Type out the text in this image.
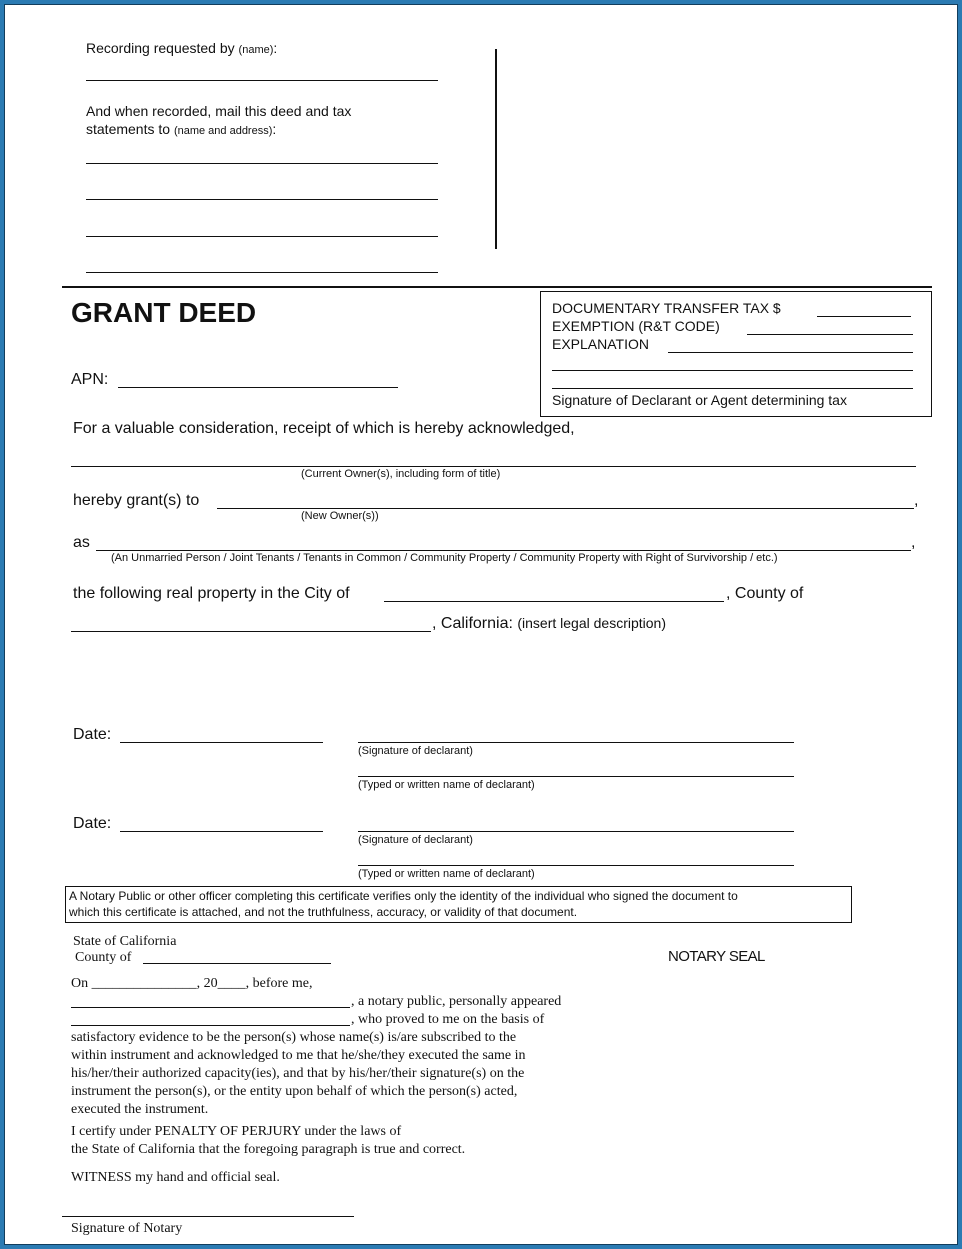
Recording requested by (name):
And when recorded, mail this deed and tax
statements to (name and address):
GRANT DEED
APN:
DOCUMENTARY TRANSFER TAX $
EXEMPTION (R&T CODE)
EXPLANATION
Signature of Declarant or Agent determining tax
For a valuable consideration, receipt of which is hereby acknowledged,
(Current Owner(s), including form of title)
hereby grant(s) to	,
(New Owner(s))
as	,
(An Unmarried Person / Joint Tenants / Tenants in Common / Community Property / Community Property with Right of Survivorship / etc.)
the following real property in the City of	, County of
, California: (insert legal description)
Date:
(Signature of declarant)
(Typed or written name of declarant)
Date:
(Signature of declarant)
(Typed or written name of declarant)
A Notary Public or other officer completing this certificate verifies only the identity of the individual who signed the document to
which this certificate is attached, and not the truthfulness, accuracy, or validity of that document.
State of California
County of	NOTARY SEAL
On _______________, 20____, before me,
, a notary public, personally appeared
, who proved to me on the basis of
satisfactory evidence to be the person(s) whose name(s) is/are subscribed to the
within instrument and acknowledged to me that he/she/they executed the same in
his/her/their authorized capacity(ies), and that by his/her/their signature(s) on the
instrument the person(s), or the entity upon behalf of which the person(s) acted,
executed the instrument.
I certify under PENALTY OF PERJURY under the laws of
the State of California that the foregoing paragraph is true and correct.
WITNESS my hand and official seal.
Signature of Notary
